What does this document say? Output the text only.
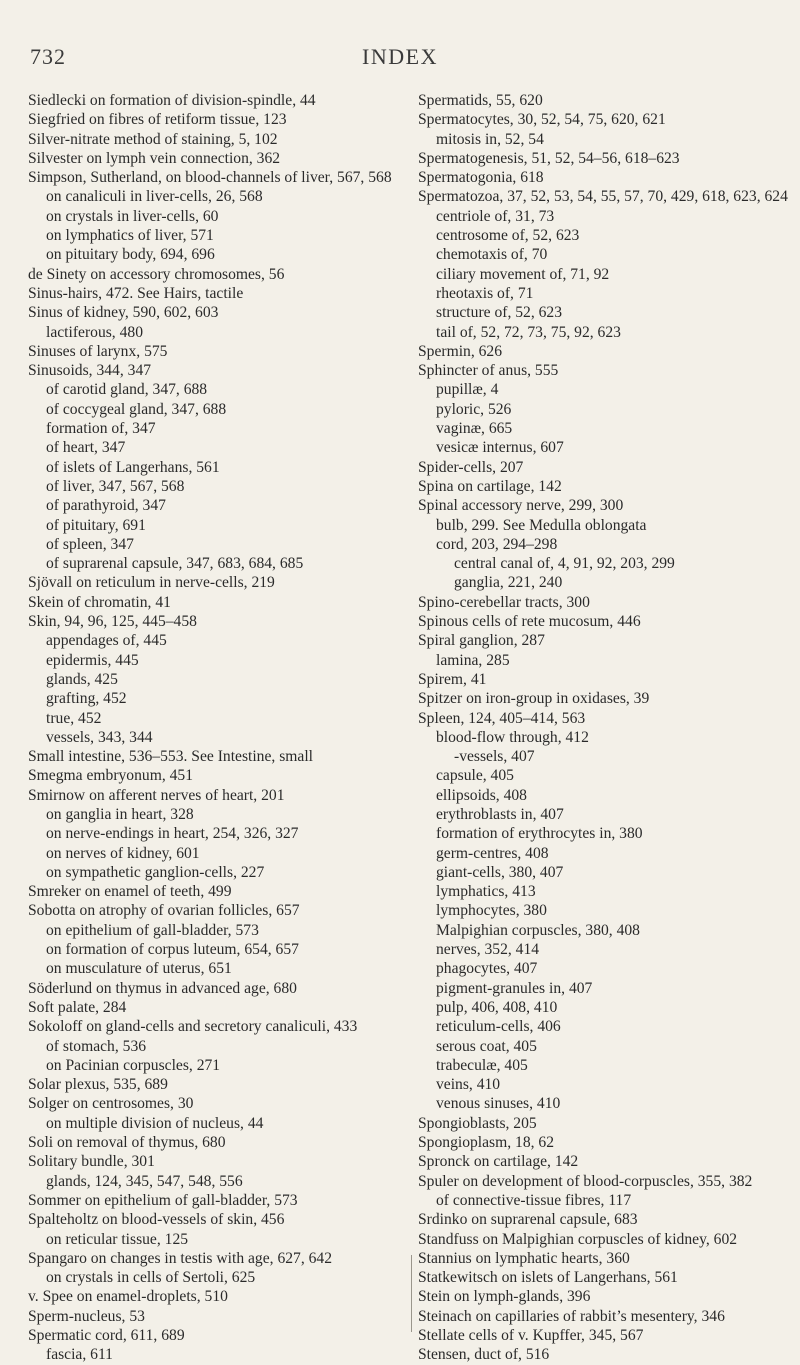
732	INDEX
Siedlecki on formation of division-spindle, 44
Siegfried on fibres of retiform tissue, 123
Silver-nitrate method of staining, 5, 102
Silvester on lymph vein connection, 362
Simpson, Sutherland, on blood-channels of liver, 567, 568
on canaliculi in liver-cells, 26, 568
on crystals in liver-cells, 60
on lymphatics of liver, 571
on pituitary body, 694, 696
de Sinety on accessory chromosomes, 56
Sinus-hairs, 472. See Hairs, tactile
Sinus of kidney, 590, 602, 603
lactiferous, 480
Sinuses of larynx, 575
Sinusoids, 344, 347
of carotid gland, 347, 688
of coccygeal gland, 347, 688
formation of, 347
of heart, 347
of islets of Langerhans, 561
of liver, 347, 567, 568
of parathyroid, 347
of pituitary, 691
of spleen, 347
of suprarenal capsule, 347, 683, 684, 685
Sjövall on reticulum in nerve-cells, 219
Skein of chromatin, 41
Skin, 94, 96, 125, 445–458
appendages of, 445
epidermis, 445
glands, 425
grafting, 452
true, 452
vessels, 343, 344
Small intestine, 536–553. See Intestine, small
Smegma embryonum, 451
Smirnow on afferent nerves of heart, 201
on ganglia in heart, 328
on nerve-endings in heart, 254, 326, 327
on nerves of kidney, 601
on sympathetic ganglion-cells, 227
Smreker on enamel of teeth, 499
Sobotta on atrophy of ovarian follicles, 657
on epithelium of gall-bladder, 573
on formation of corpus luteum, 654, 657
on musculature of uterus, 651
Söderlund on thymus in advanced age, 680
Soft palate, 284
Sokoloff on gland-cells and secretory canaliculi, 433
of stomach, 536
on Pacinian corpuscles, 271
Solar plexus, 535, 689
Solger on centrosomes, 30
on multiple division of nucleus, 44
Soli on removal of thymus, 680
Solitary bundle, 301
glands, 124, 345, 547, 548, 556
Sommer on epithelium of gall-bladder, 573
Spalteholtz on blood-vessels of skin, 456
on reticular tissue, 125
Spangaro on changes in testis with age, 627, 642
on crystals in cells of Sertoli, 625
v. Spee on enamel-droplets, 510
Sperm-nucleus, 53
Spermatic cord, 611, 689
fascia, 611
Spermatids, 55, 620
Spermatocytes, 30, 52, 54, 75, 620, 621
mitosis in, 52, 54
Spermatogenesis, 51, 52, 54–56, 618–623
Spermatogonia, 618
Spermatozoa, 37, 52, 53, 54, 55, 57, 70, 429, 618, 623, 624
centriole of, 31, 73
centrosome of, 52, 623
chemotaxis of, 70
ciliary movement of, 71, 92
rheotaxis of, 71
structure of, 52, 623
tail of, 52, 72, 73, 75, 92, 623
Spermin, 626
Sphincter of anus, 555
pupillæ, 4
pyloric, 526
vaginæ, 665
vesicæ internus, 607
Spider-cells, 207
Spina on cartilage, 142
Spinal accessory nerve, 299, 300
bulb, 299. See Medulla oblongata
cord, 203, 294–298
central canal of, 4, 91, 92, 203, 299
ganglia, 221, 240
Spino-cerebellar tracts, 300
Spinous cells of rete mucosum, 446
Spiral ganglion, 287
lamina, 285
Spirem, 41
Spitzer on iron-group in oxidases, 39
Spleen, 124, 405–414, 563
blood-flow through, 412
-vessels, 407
capsule, 405
ellipsoids, 408
erythroblasts in, 407
formation of erythrocytes in, 380
germ-centres, 408
giant-cells, 380, 407
lymphatics, 413
lymphocytes, 380
Malpighian corpuscles, 380, 408
nerves, 352, 414
phagocytes, 407
pigment-granules in, 407
pulp, 406, 408, 410
reticulum-cells, 406
serous coat, 405
trabeculæ, 405
veins, 410
venous sinuses, 410
Spongioblasts, 205
Spongioplasm, 18, 62
Spronck on cartilage, 142
Spuler on development of blood-corpuscles, 355, 382
of connective-tissue fibres, 117
Srdinko on suprarenal capsule, 683
Standfuss on Malpighian corpuscles of kidney, 602
Stannius on lymphatic hearts, 360
Statkewitsch on islets of Langerhans, 561
Stein on lymph-glands, 396
Steinach on capillaries of rabbit’s mesentery, 346
Stellate cells of v. Kupffer, 345, 567
Stensen, duct of, 516
